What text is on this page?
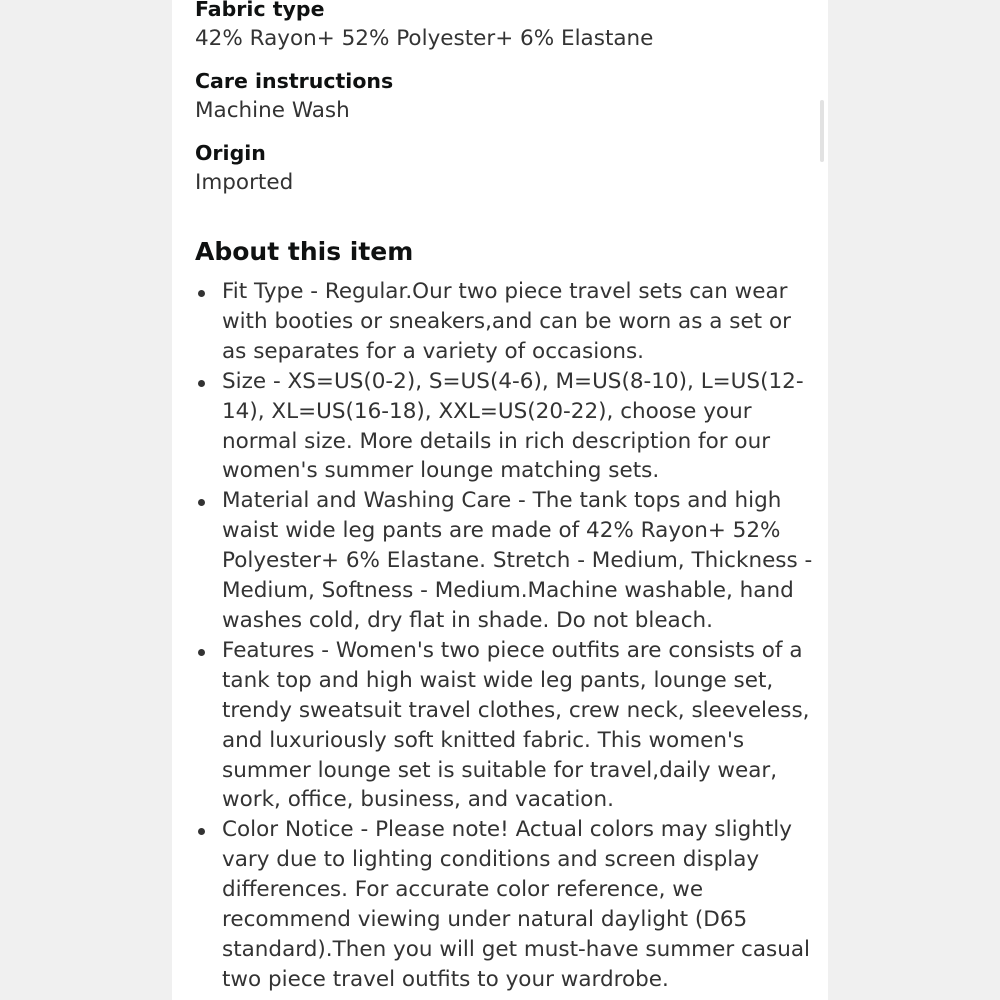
Fabric type
42% Rayon+ 52% Polyester+ 6% Elastane
Care instructions
Machine Wash
Origin
Imported
About this item
Fit Type - Regular.Our two piece travel sets can wear with booties or sneakers,and can be worn as a set or as separates for a variety of occasions.
Size - XS=US(0-2), S=US(4-6), M=US(8-10), L=US(12-14), XL=US(16-18), XXL=US(20-22), choose your normal size. More details in rich description for our women's summer lounge matching sets.
Material and Washing Care - The tank tops and high waist wide leg pants are made of 42% Rayon+ 52% Polyester+ 6% Elastane. Stretch - Medium, Thickness - Medium, Softness - Medium.Machine washable, hand washes cold, dry flat in shade. Do not bleach.
Features - Women's two piece outfits are consists of a tank top and high waist wide leg pants, lounge set, trendy sweatsuit travel clothes, crew neck, sleeveless, and luxuriously soft knitted fabric. This women's summer lounge set is suitable for travel,daily wear, work, office, business, and vacation.
Color Notice - Please note! Actual colors may slightly vary due to lighting conditions and screen display differences. For accurate color reference, we recommend viewing under natural daylight (D65 standard).Then you will get must-have summer casual two piece travel outfits to your wardrobe.
